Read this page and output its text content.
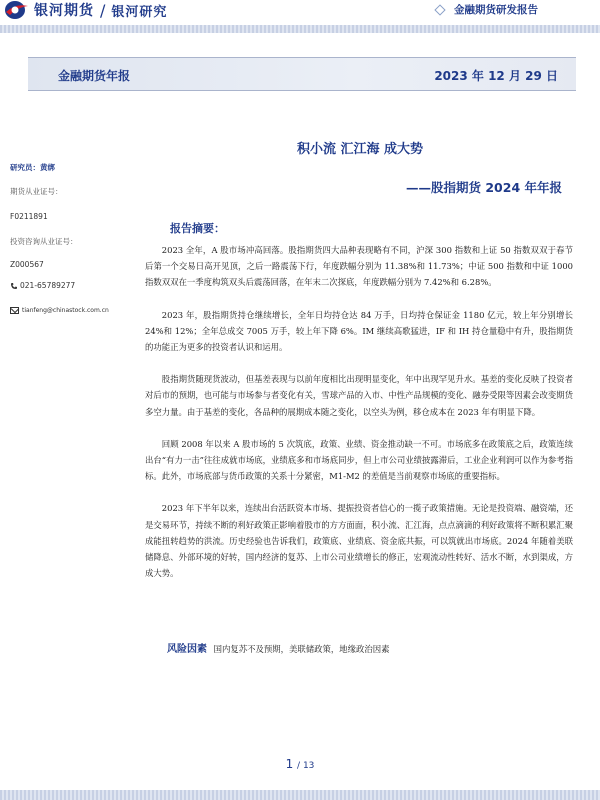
银河期货 / 银河研究	金融期货研发报告
金融期货年报	2023 年 12 月 29 日
积小流 汇江海 成大势
——股指期货 2024 年年报
研究员：黄绑
期货从业证号：
F0211891
投资咨询从业证号：
Z000567
021-65789277
tianfeng@chinastock.com.cn
报告摘要：

2023 全年，A 股市场冲高回落。股指期货四大品种表现略有不同，沪深 300 指数和上证 50 指数双双于春节后第一个交易日高开见顶，之后一路震荡下行，年度跌幅分别为 11.38%和 11.73%；中证 500 指数和中证 1000 指数双双在一季度构筑双头后震荡回落，在年末二次探底，年度跌幅分别为 7.42%和 6.28%。

2023 年，股指期货持仓继续增长，全年日均持仓达 84 万手，日均持仓保证金 1180 亿元，较上年分别增长 24%和 12%；全年总成交 7005 万手，较上年下降 6%。IM 继续高歌猛进，IF 和 IH 持仓量稳中有升，股指期货的功能正为更多的投资者认识和运用。

股指期货随现货波动，但基差表现与以前年度相比出现明显变化，年中出现罕见升水。基差的变化反映了投资者对后市的预期，也可能与市场参与者变化有关，雪球产品的入市、中性产品规模的变化、融券受限等因素会改变期货多空力量。由于基差的变化，各品种的展期成本随之变化，以空头为例，移仓成本在 2023 年有明显下降。

回顾 2008 年以来 A 股市场的 5 次筑底，政策、业绩、资金推动缺一不可。市场底多在政策底之后，政策连续出台“有力一击”往往成就市场底，业绩底多和市场底同步，但上市公司业绩披露滞后，工业企业利润可以作为参考指标。此外，市场底部与货币政策的关系十分紧密，M1-M2 的差值是当前观察市场底的重要指标。

2023 年下半年以来，连续出台活跃资本市场、提振投资者信心的一揽子政策措施。无论是投资端、融资端，还是交易环节，持续不断的利好政策正影响着股市的方方面面，积小流、汇江海，点点滴滴的利好政策将不断积累汇聚成能扭转趋势的洪流。历史经验也告诉我们，政策底、业绩底、资金底共振，可以筑就出市场底。2024 年随着美联储降息、外部环境的好转，国内经济的复苏、上市公司业绩增长的修正，宏观流动性转好、活水不断，水到渠成，方成大势。

风险因素 国内复苏不及预期，美联储政策，地缘政治因素
1 / 13
